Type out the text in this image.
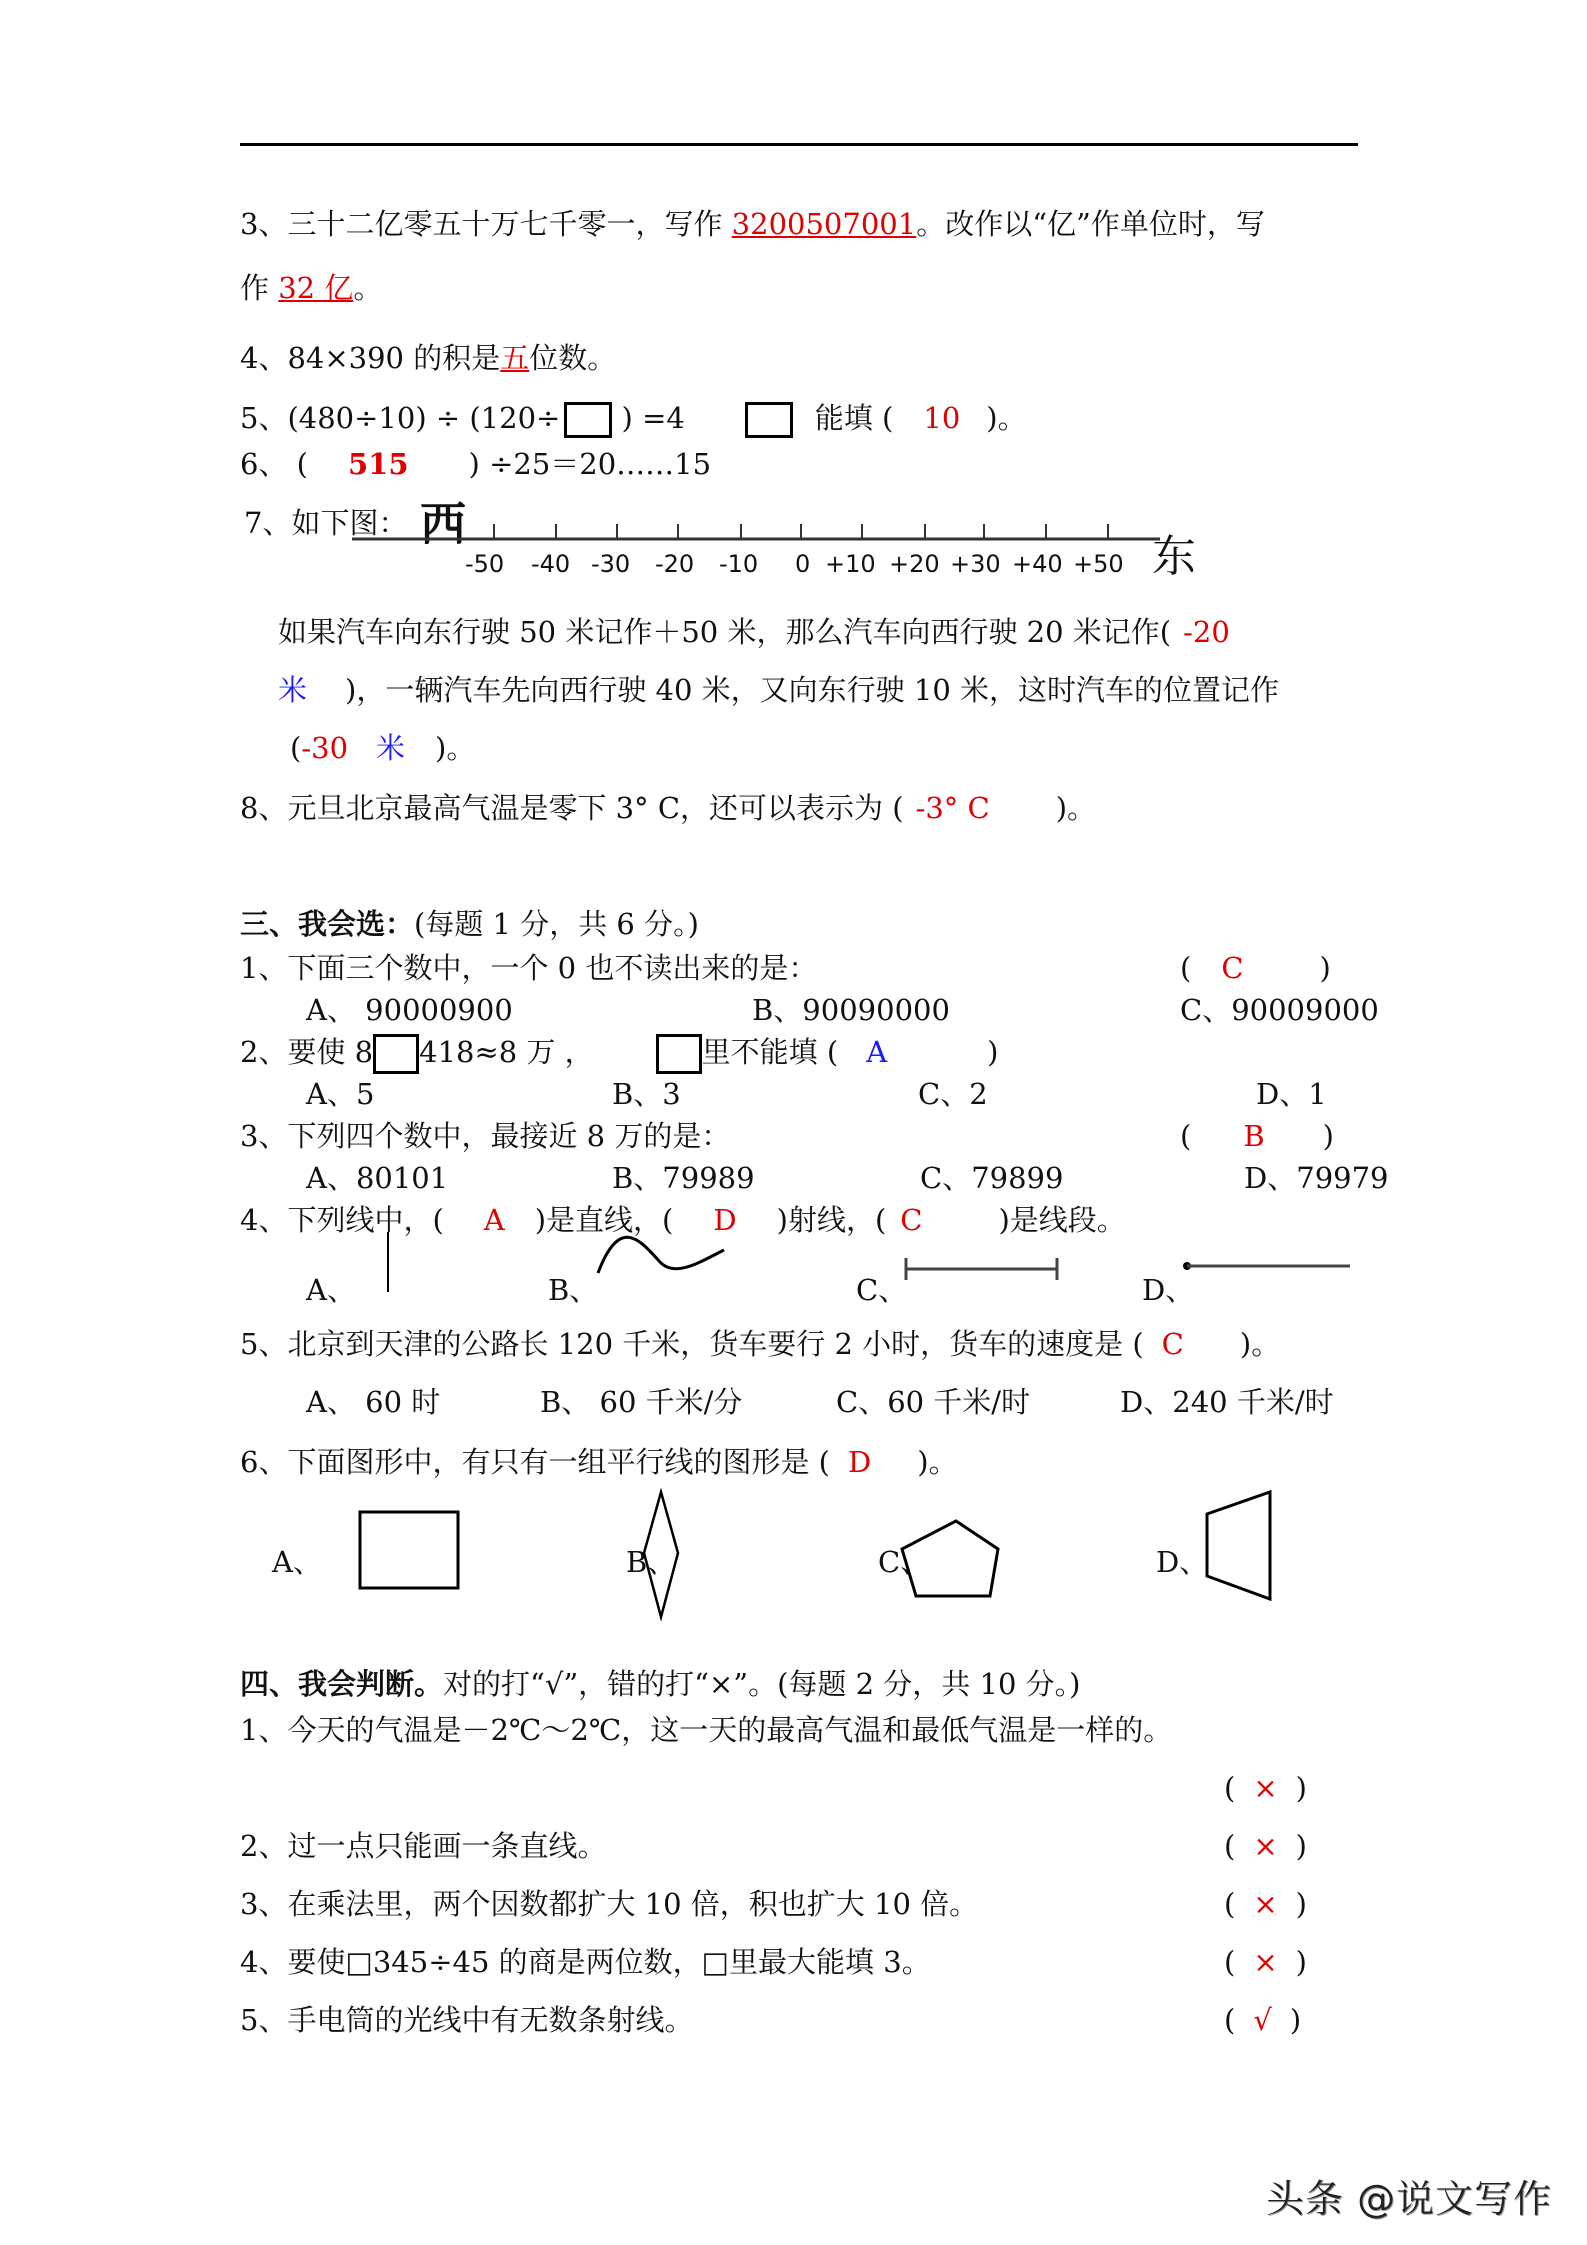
3、三十二亿零五十万七千零一，写作 3200507001。改作以“亿”作单位时，写
作 32 亿。
4、84×390 的积是五位数。
5、(480÷10) ÷ (120÷ ) =4	能填 ( 10 )。
6、 ( 515 ) ÷25＝20……15
7、如下图： 西
东
-50 -40 -30 -20 -10 0 +10 +20 +30 +40 +50
如果汽车向东行驶 50 米记作＋50 米，那么汽车向西行驶 20 米记作( -20
米 )，一辆汽车先向西行驶 40 米，又向东行驶 10 米，这时汽车的位置记作
(-30 米 )。
8、元旦北京最高气温是零下 3° C，还可以表示为 ( -3° C )。
三、我会选：(每题 1 分，共 6 分。)
1、下面三个数中，一个 0 也不读出来的是：	( C	)
A、 90000900	B、90090000	C、90009000
2、要使 8 418≈8 万 ，	里不能填 ( A	)
A、5	B、3	C、2	D、1
3、下列四个数中，最接近 8 万的是：	( B )
A、80101	B、79989	C、79899	D、79979
4、下列线中，( A )是直线，( D )射线，( C	)是线段。
A、	B、	C、	D、
5、北京到天津的公路长 120 千米，货车要行 2 小时，货车的速度是 ( C )。
A、 60 时	B、 60 千米/分	C、60 千米/时	D、240 千米/时
6、下面图形中，有只有一组平行线的图形是 ( D )。
A、	B、	C、	D、
四、我会判断。对的打“√”，错的打“×”。(每题 2 分，共 10 分。)
1、今天的气温是－2℃～2℃，这一天的最高气温和最低气温是一样的。
( × )
2、过一点只能画一条直线。	( × )
3、在乘法里，两个因数都扩大 10 倍，积也扩大 10 倍。	( × )
4、要使□345÷45 的商是两位数，□里最大能填 3。	( × )
5、手电筒的光线中有无数条射线。	( √ )
头条 @说文写作
